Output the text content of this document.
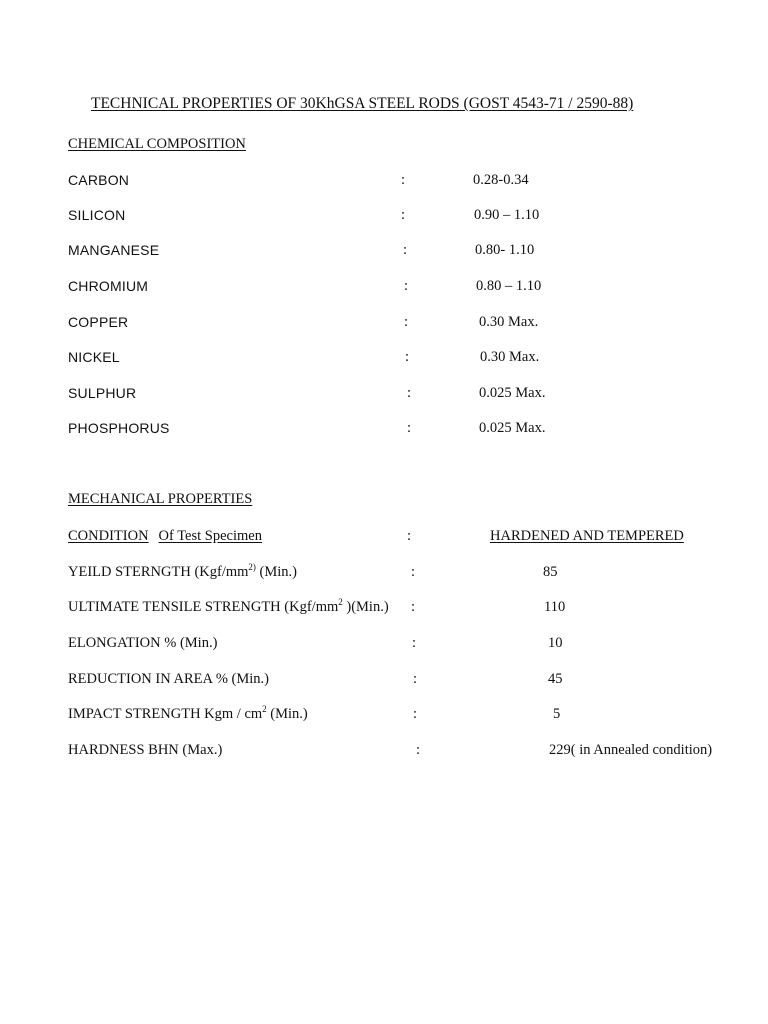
TECHNICAL PROPERTIES OF 30KhGSA STEEL RODS (GOST 4543-71 / 2590-88)
CHEMICAL COMPOSITION
CARBON	:	0.28-0.34
SILICON	:	0.90 – 1.10
MANGANESE	:	0.80- 1.10
CHROMIUM	:	0.80 – 1.10
COPPER	:	0.30 Max.
NICKEL	:	0.30 Max.
SULPHUR	:	0.025 Max.
PHOSPHORUS	:	0.025 Max.
MECHANICAL PROPERTIES
CONDITION Of Test Specimen	:	HARDENED AND TEMPERED
YEILD STERNGTH ($Kgf/mm^{2)}$ (Min.)	:	85
ULTIMATE TENSILE STRENGTH ($Kgf/mm^2$ )(Min.) :	110
ELONGATION % (Min.)	:	10
REDUCTION IN AREA % (Min.)	:	45
IMPACT STRENGTH Kgm / $cm^2$ (Min.)	:	5
HARDNESS BHN (Max.)	:	229( in Annealed condition)
